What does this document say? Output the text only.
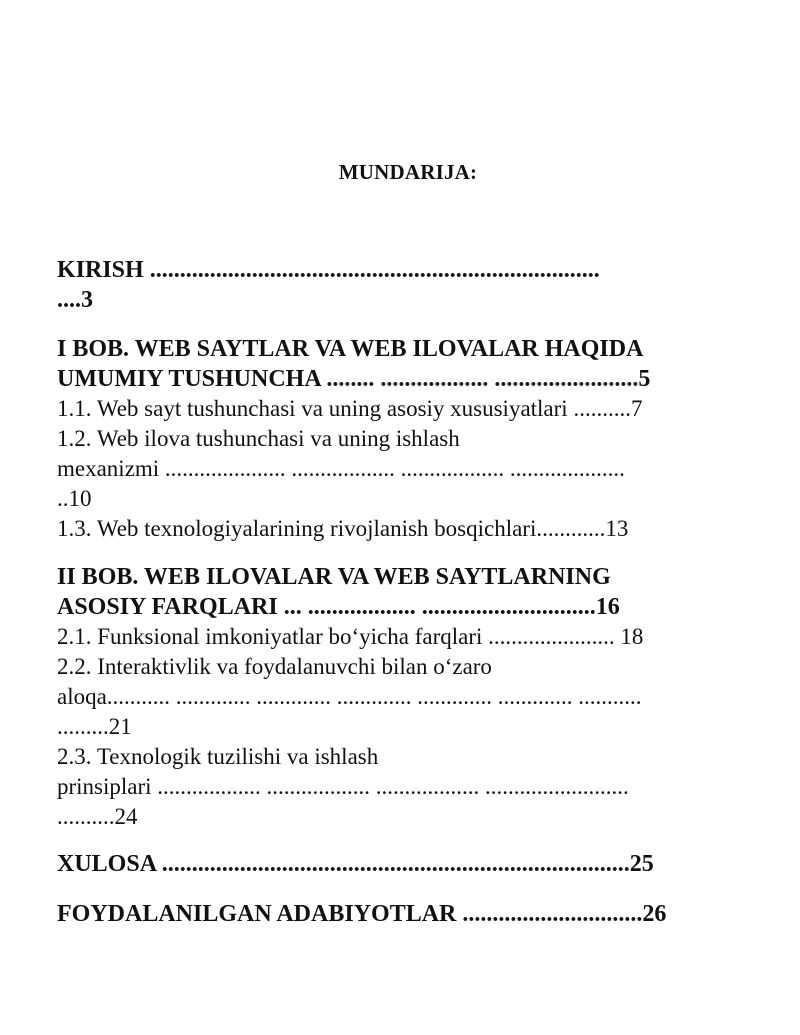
MUNDARIJA:
KIRISH ...........................................................................
....3
I BOB. WEB SAYTLAR VA WEB ILOVALAR HAQIDA
UMUMIY TUSHUNCHA ........ .................. ........................5
1.1. Web sayt tushunchasi va uning asosiy xususiyatlari ..........7
1.2. Web ilova tushunchasi va uning ishlash
mexanizmi ..................... .................. .................. ....................
..10
1.3. Web texnologiyalarining rivojlanish bosqichlari............13
II BOB. WEB ILOVALAR VA WEB SAYTLARNING
ASOSIY FARQLARI ... .................. .............................16
2.1. Funksional imkoniyatlar bo‘yicha farqlari ...................... 18
2.2. Interaktivlik va foydalanuvchi bilan o‘zaro
aloqa........... ............. ............. ............. ............. ............. ...........
.........21
2.3. Texnologik tuzilishi va ishlash
prinsiplari .................. .................. .................. .........................
..........24
XULOSA ..............................................................................25
FOYDALANILGAN ADABIYOTLAR ..............................26
